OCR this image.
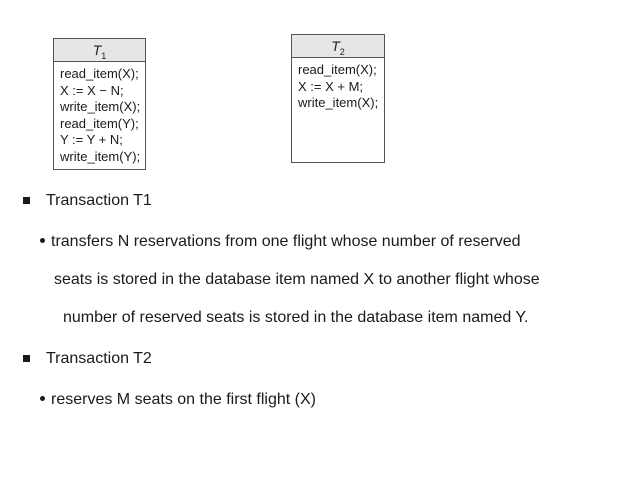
$T_1$
read_item(X);
X := X − N;
write_item(X);
read_item(Y);
Y := Y + N;
write_item(Y);
$T_2$
read_item(X);
X := X + M;
write_item(X);
Transaction T1
transfers N reservations from one flight whose number of reserved
seats is stored in the database item named X to another flight whose
number of reserved seats is stored in the database item named Y.
Transaction T2
reserves M seats on the first flight (X)
